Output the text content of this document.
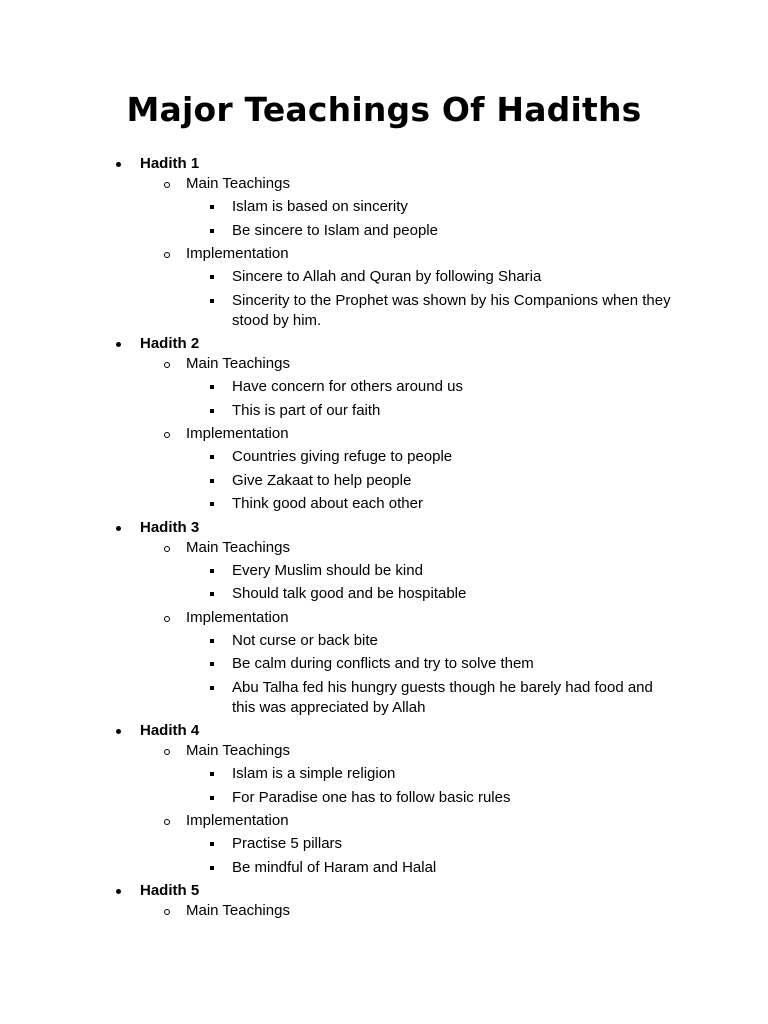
Major Teachings Of Hadiths
Hadith 1
Main Teachings
Islam is based on sincerity
Be sincere to Islam and people
Implementation
Sincere to Allah and Quran by following Sharia
Sincerity to the Prophet was shown by his Companions when they stood by him.
Hadith 2
Main Teachings
Have concern for others around us
This is part of our faith
Implementation
Countries giving refuge to people
Give Zakaat to help people
Think good about each other
Hadith 3
Main Teachings
Every Muslim should be kind
Should talk good and be hospitable
Implementation
Not curse or back bite
Be calm during conflicts and try to solve them
Abu Talha fed his hungry guests though he barely had food and this was appreciated by Allah
Hadith 4
Main Teachings
Islam is a simple religion
For Paradise one has to follow basic rules
Implementation
Practise 5 pillars
Be mindful of Haram and Halal
Hadith 5
Main Teachings
